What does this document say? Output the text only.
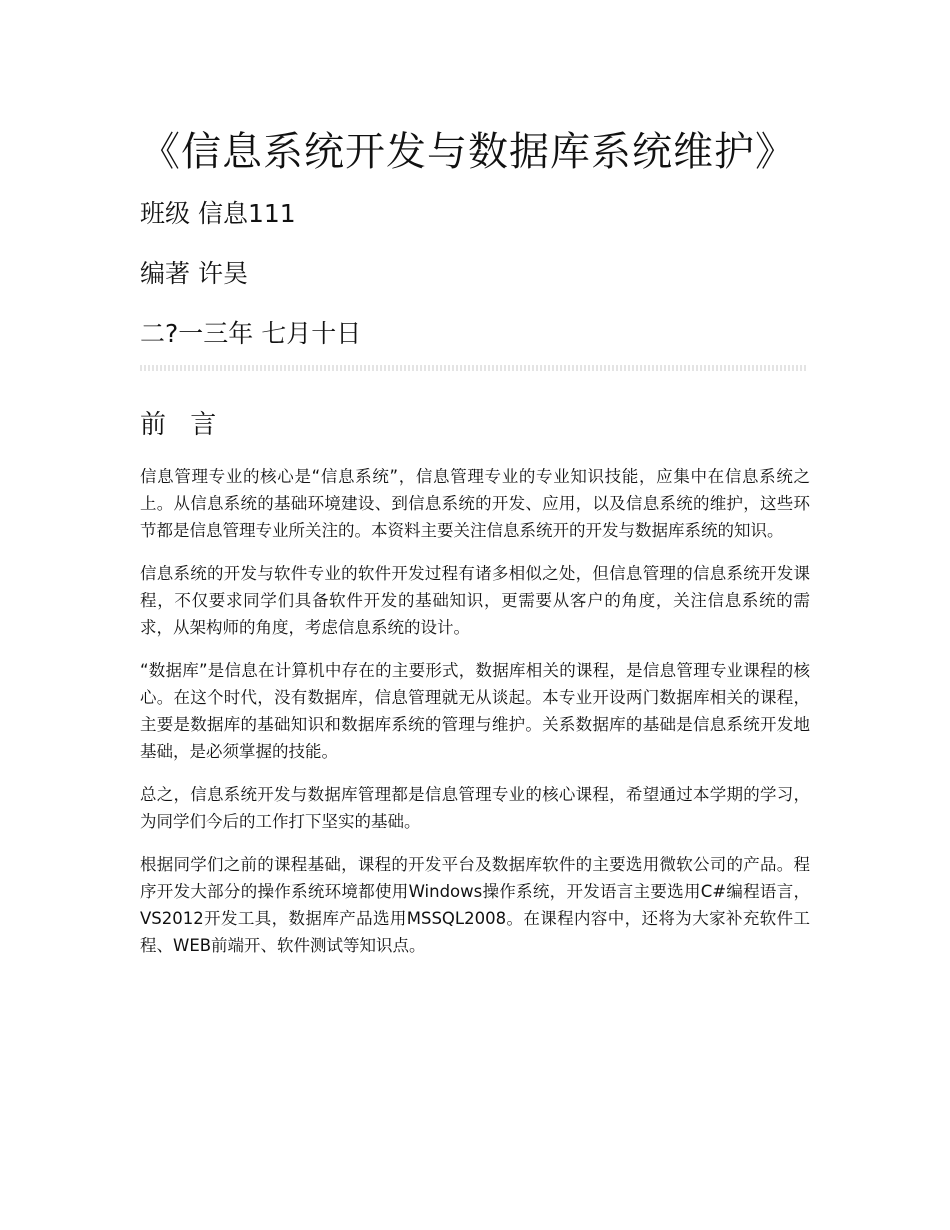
《信息系统开发与数据库系统维护》

班级 信息111

编著 许昊

二?一三年 七月十日

前 言

信息管理专业的核心是“信息系统”，信息管理专业的专业知识技能，应集中在信息系统之上。从信息系统的基础环境建设、到信息系统的开发、应用，以及信息系统的维护，这些环节都是信息管理专业所关注的。本资料主要关注信息系统开的开发与数据库系统的知识。

信息系统的开发与软件专业的软件开发过程有诸多相似之处，但信息管理的信息系统开发课程，不仅要求同学们具备软件开发的基础知识，更需要从客户的角度，关注信息系统的需求，从架构师的角度，考虑信息系统的设计。

“数据库”是信息在计算机中存在的主要形式，数据库相关的课程，是信息管理专业课程的核心。在这个时代，没有数据库，信息管理就无从谈起。本专业开设两门数据库相关的课程，主要是数据库的基础知识和数据库系统的管理与维护。关系数据库的基础是信息系统开发地基础，是必须掌握的技能。

总之，信息系统开发与数据库管理都是信息管理专业的核心课程，希望通过本学期的学习，为同学们今后的工作打下坚实的基础。

根据同学们之前的课程基础，课程的开发平台及数据库软件的主要选用微软公司的产品。程序开发大部分的操作系统环境都使用Windows操作系统，开发语言主要选用C#编程语言，VS2012开发工具，数据库产品选用MSSQL2008。在课程内容中，还将为大家补充软件工程、WEB前端开、软件测试等知识点。
